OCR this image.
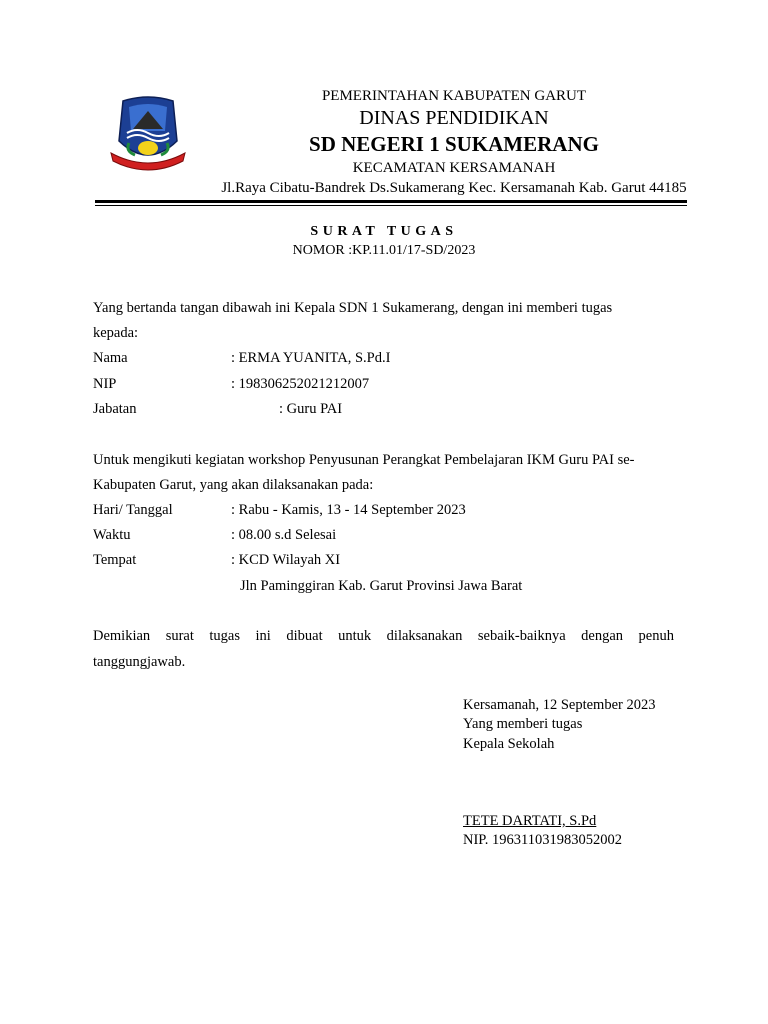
PEMERINTAHAN KABUPATEN GARUT
DINAS PENDIDIKAN
SD NEGERI 1 SUKAMERANG
KECAMATAN KERSAMANAH
Jl.Raya Cibatu-Bandrek Ds.Sukamerang Kec. Kersamanah Kab. Garut 44185
SURAT TUGAS
NOMOR :KP.11.01/17-SD/2023
Yang bertanda tangan dibawah ini Kepala SDN 1 Sukamerang, dengan ini memberi tugas
kepada:
Nama	: ERMA YUANITA, S.Pd.I
NIP	: 198306252021212007
Jabatan	: Guru PAI
Untuk mengikuti kegiatan workshop Penyusunan Perangkat Pembelajaran IKM Guru PAI se-
Kabupaten Garut, yang akan dilaksanakan pada:
Hari/ Tanggal	: Rabu - Kamis, 13 - 14 September 2023
Waktu	: 08.00 s.d Selesai
Tempat	: KCD Wilayah XI
Jln Paminggiran Kab. Garut Provinsi Jawa Barat
Demikian surat tugas ini dibuat untuk dilaksanakan sebaik-baiknya dengan penuh
tanggungjawab.
Kersamanah, 12 September 2023
Yang memberi tugas
Kepala Sekolah
TETE DARTATI, S.Pd
NIP. 196311031983052002
